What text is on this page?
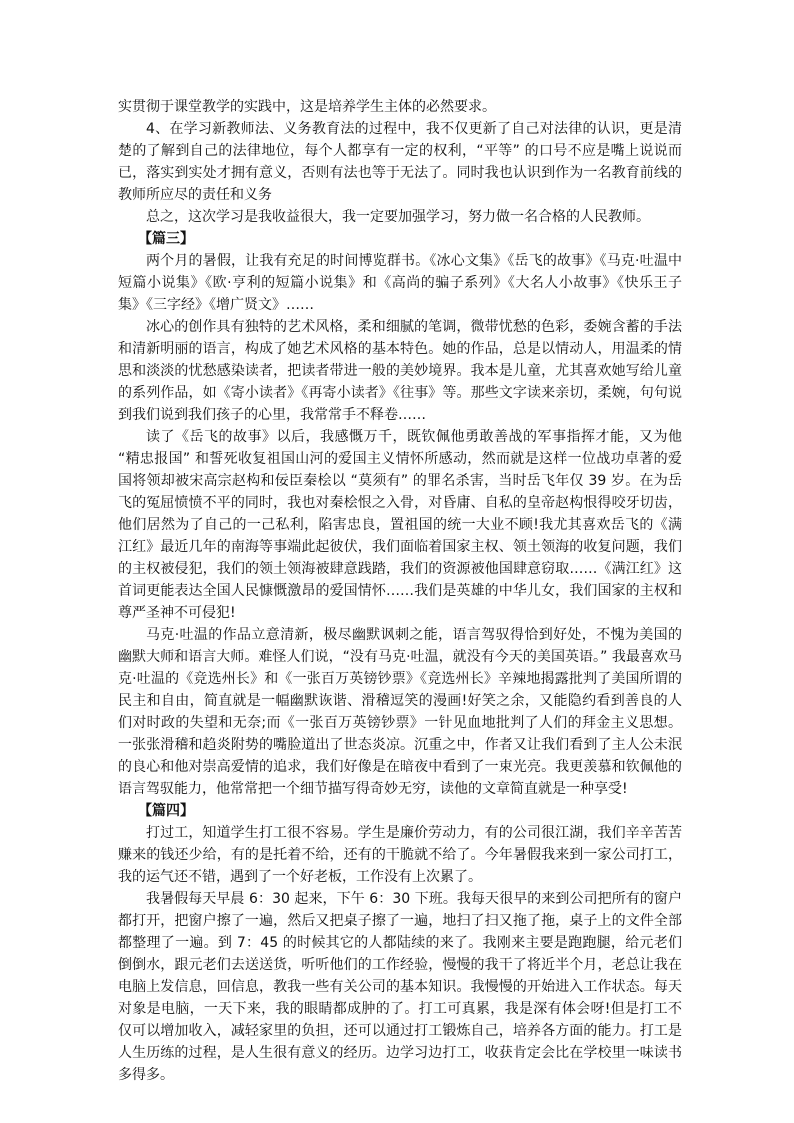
实贯彻于课堂教学的实践中，这是培养学生主体的必然要求。

4、在学习新教师法、义务教育法的过程中，我不仅更新了自己对法律的认识，更是清楚的了解到自己的法律地位，每个人都享有一定的权利，“平等” 的口号不应是嘴上说说而已，落实到实处才拥有意义，否则有法也等于无法了。同时我也认识到作为一名教育前线的教师所应尽的责任和义务

总之，这次学习是我收益很大，我一定要加强学习，努力做一名合格的人民教师。

【篇三】

两个月的暑假，让我有充足的时间博览群书。《冰心文集》《岳飞的故事》《马克·吐温中短篇小说集》《欧·亨利的短篇小说集》和《高尚的骗子系列》《大名人小故事》《快乐王子集》《三字经》《增广贤文》……

冰心的创作具有独特的艺术风格，柔和细腻的笔调，微带忧愁的色彩，委婉含蓄的手法和清新明丽的语言，构成了她艺术风格的基本特色。她的作品，总是以情动人，用温柔的情思和淡淡的忧愁感染读者，把读者带进一般的美妙境界。我本是儿童，尤其喜欢她写给儿童的系列作品，如《寄小读者》《再寄小读者》《往事》等。那些文字读来亲切，柔婉，句句说到我们说到我们孩子的心里，我常常手不释卷……

读了《岳飞的故事》以后，我感慨万千，既钦佩他勇敢善战的军事指挥才能，又为他 “精忠报国” 和誓死收复祖国山河的爱国主义情怀所感动，然而就是这样一位战功卓著的爱国将领却被宋高宗赵构和佞臣秦桧以 “莫须有” 的罪名杀害，当时岳飞年仅 39 岁。在为岳飞的冤屈愤愤不平的同时，我也对秦桧恨之入骨，对昏庸、自私的皇帝赵构恨得咬牙切齿，他们居然为了自己的一己私利，陷害忠良，置祖国的统一大业不顾!我尤其喜欢岳飞的《满江红》最近几年的南海等事端此起彼伏，我们面临着国家主权、领土领海的收复问题，我们的主权被侵犯，我们的领土领海被肆意践踏，我们的资源被他国肆意窃取……《满江红》这首词更能表达全国人民慷慨激昂的爱国情怀……我们是英雄的中华儿女，我们国家的主权和尊严圣神不可侵犯!

马克·吐温的作品立意清新，极尽幽默讽刺之能，语言驾驭得恰到好处，不愧为美国的幽默大师和语言大师。难怪人们说，“没有马克·吐温，就没有今天的美国英语。” 我最喜欢马克·吐温的《竞选州长》和《一张百万英镑钞票》《竞选州长》辛辣地揭露批判了美国所谓的民主和自由，简直就是一幅幽默诙谐、滑稽逗笑的漫画!好笑之余，又能隐约看到善良的人们对时政的失望和无奈;而《一张百万英镑钞票》一针见血地批判了人们的拜金主义思想。一张张滑稽和趋炎附势的嘴脸道出了世态炎凉。沉重之中，作者又让我们看到了主人公未泯的良心和他对崇高爱情的追求，我们好像是在暗夜中看到了一束光亮。我更羡慕和钦佩他的语言驾驭能力，他常常把一个细节描写得奇妙无穷，读他的文章简直就是一种享受!

【篇四】

打过工，知道学生打工很不容易。学生是廉价劳动力，有的公司很江湖，我们辛辛苦苦赚来的钱还少给，有的是托着不给，还有的干脆就不给了。今年暑假我来到一家公司打工，我的运气还不错，遇到了一个好老板，工作没有上次累了。

我暑假每天早晨 6：30 起来，下午 6：30 下班。我每天很早的来到公司把所有的窗户都打开，把窗户擦了一遍，然后又把桌子擦了一遍，地扫了扫又拖了拖，桌子上的文件全部都整理了一遍。到 7：45 的时候其它的人都陆续的来了。我刚来主要是跑跑腿，给元老们倒倒水，跟元老们去送送货，听听他们的工作经验，慢慢的我干了将近半个月，老总让我在电脑上发信息，回信息，教我一些有关公司的基本知识。我慢慢的开始进入工作状态。每天对象是电脑，一天下来，我的眼睛都成肿的了。打工可真累，我是深有体会呀!但是打工不仅可以增加收入，减轻家里的负担，还可以通过打工锻炼自己，培养各方面的能力。打工是人生历练的过程，是人生很有意义的经历。边学习边打工，收获肯定会比在学校里一味读书多得多。
